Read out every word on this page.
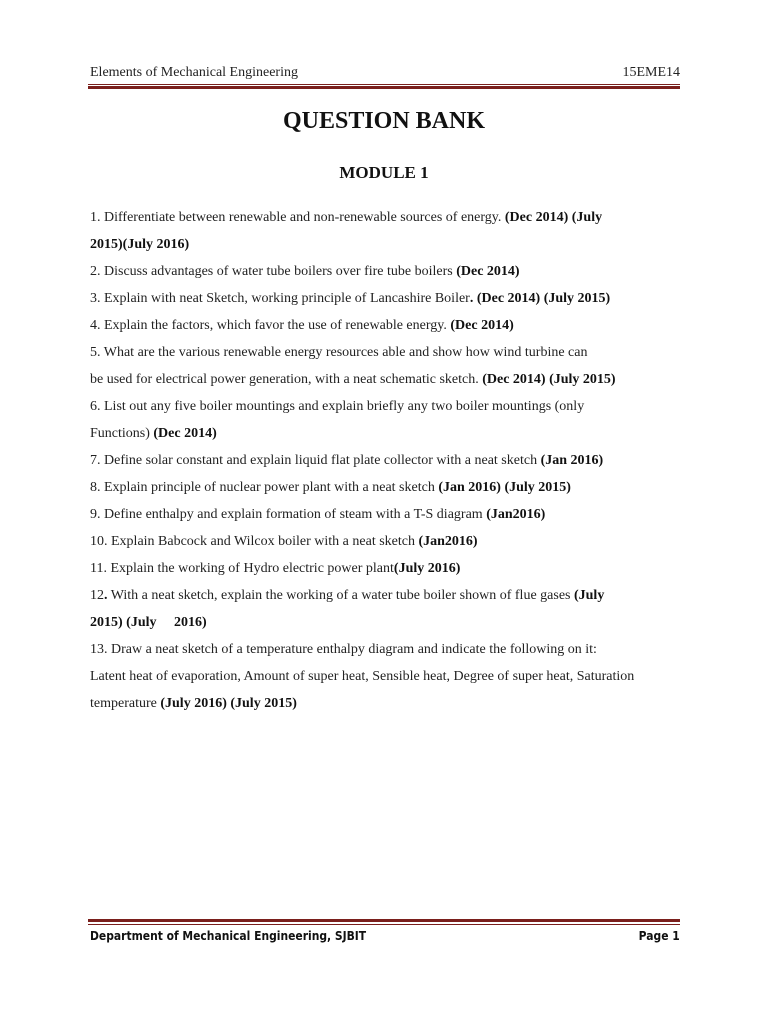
Elements of Mechanical Engineering	15EME14
QUESTION BANK
MODULE 1

1. Differentiate between renewable and non-renewable sources of energy. (Dec 2014) (July
2015)(July 2016)

2. Discuss advantages of water tube boilers over fire tube boilers (Dec 2014)

3. Explain with neat Sketch, working principle of Lancashire Boiler. (Dec 2014) (July 2015)

4. Explain the factors, which favor the use of renewable energy. (Dec 2014)

5. What are the various renewable energy resources able and show how wind turbine can
be used for electrical power generation, with a neat schematic sketch. (Dec 2014) (July 2015)

6. List out any five boiler mountings and explain briefly any two boiler mountings (only
Functions) (Dec 2014)

7. Define solar constant and explain liquid flat plate collector with a neat sketch (Jan 2016)

8. Explain principle of nuclear power plant with a neat sketch (Jan 2016) (July 2015)

9. Define enthalpy and explain formation of steam with a T-S diagram (Jan2016)

10. Explain Babcock and Wilcox boiler with a neat sketch (Jan2016)

11. Explain the working of Hydro electric power plant(July 2016)

12. With a neat sketch, explain the working of a water tube boiler shown of flue gases (July
2015) (July     2016)

13. Draw a neat sketch of a temperature enthalpy diagram and indicate the following on it:
Latent heat of evaporation, Amount of super heat, Sensible heat, Degree of super heat, Saturation
temperature (July 2016) (July 2015)

Department of Mechanical Engineering, SJBIT	Page 1
